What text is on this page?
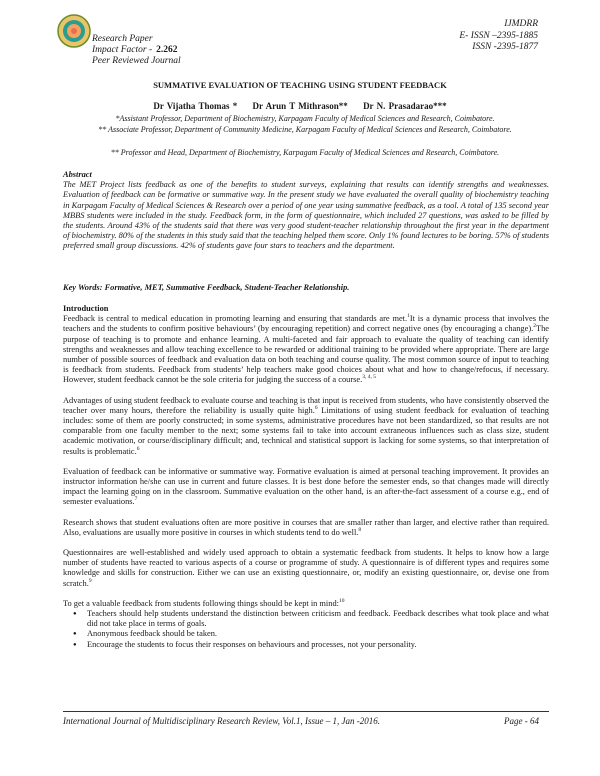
Research Paper
Impact Factor - 2.262
Peer Reviewed Journal
IJMDRR
E- ISSN –2395-1885
ISSN -2395-1877
SUMMATIVE EVALUATION OF TEACHING USING STUDENT FEEDBACK
Dr Vijatha Thomas * Dr Arun T Mithrason** Dr N. Prasadarao***
*Assistant Professor, Department of Biochemistry, Karpagam Faculty of Medical Sciences and Research, Coimbatore.
** Associate Professor, Department of Community Medicine, Karpagam Faculty of Medical Sciences and Research, Coimbatore.
** Professor and Head, Department of Biochemistry, Karpagam Faculty of Medical Sciences and Research, Coimbatore.
Abstract
The MET Project lists feedback as one of the benefits to student surveys, explaining that results can identify strengths and weaknesses. Evaluation of feedback can be formative or summative way. In the present study we have evaluated the overall quality of biochemistry teaching in Karpagam Faculty of Medical Sciences & Research over a period of one year using summative feedback, as a tool. A total of 135 second year MBBS students were included in the study. Feedback form, in the form of questionnaire, which included 27 questions, was asked to be filled by the students. Around 43% of the students said that there was very good student-teacher relationship throughout the first year in the department of biochemistry. 80% of the students in this study said that the teaching helped them score. Only 1% found lectures to be boring. 57% of students preferred small group discussions. 42% of students gave four stars to teachers and the department.
Key Words: Formative, MET, Summative Feedback, Student-Teacher Relationship.
Introduction

Feedback is central to medical education in promoting learning and ensuring that standards are met.$^1$It is a dynamic process that involves the teachers and the students to confirm positive behaviours’ (by encouraging repetition) and correct negative ones (by encouraging a change).$^2$The purpose of teaching is to promote and enhance learning. A multi-faceted and fair approach to evaluate the quality of teaching can identify strengths and weaknesses and allow teaching excellence to be rewarded or additional training to be provided where appropriate. There are large number of possible sources of feedback and evaluation data on both teaching and course quality. The most common source of input to teaching is feedback from students. Feedback from students’ help teachers make good choices about what and how to change/refocus, if necessary. However, student feedback cannot be the sole criteria for judging the success of a course.$^{3, 4, 5}$

Advantages of using student feedback to evaluate course and teaching is that input is received from students, who have consistently observed the teacher over many hours, therefore the reliability is usually quite high.$^6$ Limitations of using student feedback for evaluation of teaching includes: some of them are poorly constructed; in some systems, administrative procedures have not been standardized, so that results are not comparable from one faculty member to the next; some systems fail to take into account extraneous influences such as class size, student academic motivation, or course/disciplinary difficult; and, technical and statistical support is lacking for some systems, so that interpretation of results is problematic.$^6$

Evaluation of feedback can be informative or summative way. Formative evaluation is aimed at personal teaching improvement. It provides an instructor information he/she can use in current and future classes. It is best done before the semester ends, so that changes made will directly impact the learning going on in the classroom. Summative evaluation on the other hand, is an after-the-fact assessment of a course e.g., end of semester evaluations.$^7$

Research shows that student evaluations often are more positive in courses that are smaller rather than larger, and elective rather than required. Also, evaluations are usually more positive in courses in which students tend to do well.$^8$

Questionnaires are well-established and widely used approach to obtain a systematic feedback from students. It helps to know how a large number of students have reacted to various aspects of a course or programme of study. A questionnaire is of different types and requires some knowledge and skills for construction. Either we can use an existing questionnaire, or, modify an existing questionnaire, or, devise one from scratch.$^9$

To get a valuable feedback from students following things should be kept in mind:$^{10}$

● Teachers should help students understand the distinction between criticism and feedback. Feedback describes what took place and what did not take place in terms of goals.
● Anonymous feedback should be taken.
● Encourage the students to focus their responses on behaviours and processes, not your personality.
International Journal of Multidisciplinary Research Review, Vol.1, Issue – 1, Jan -2016.	Page - 64
